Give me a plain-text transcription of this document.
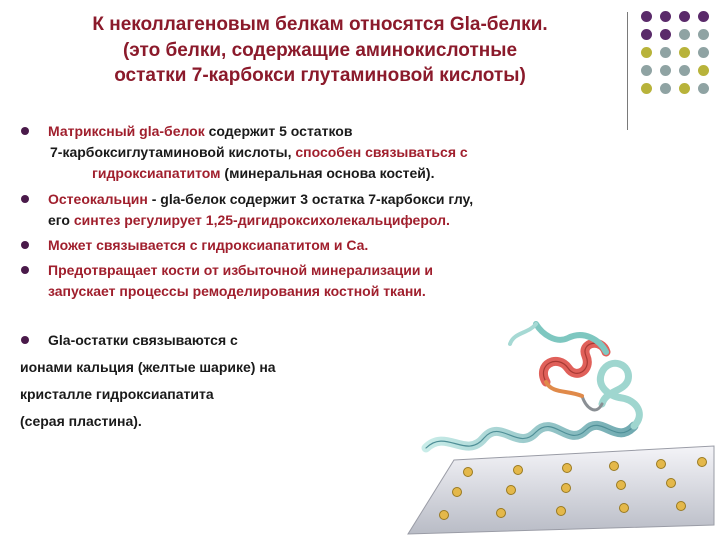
К неколлагеновым белкам относятся Gla-белки.
(это белки, содержащие аминокислотные
остатки 7-карбокси глутаминовой кислоты)
Матриксный gla-белок содержит 5 остатков
7-карбоксиглутаминовой кислоты, способен связываться с
гидроксиапатитом (минеральная основа костей).
Остеокальцин - gla-белок содержит 3 остатка 7-карбокси глу,
его синтез регулирует 1,25-дигидроксихолекальциферол.
Может связывается с гидроксиапатитом и Са.
Предотвращает кости от избыточной минерализации и
запускает процессы ремоделирования костной ткани.
Gla-остатки связываются с
ионами кальция (желтые шарике) на
кристалле гидроксиапатита
(серая пластина).
